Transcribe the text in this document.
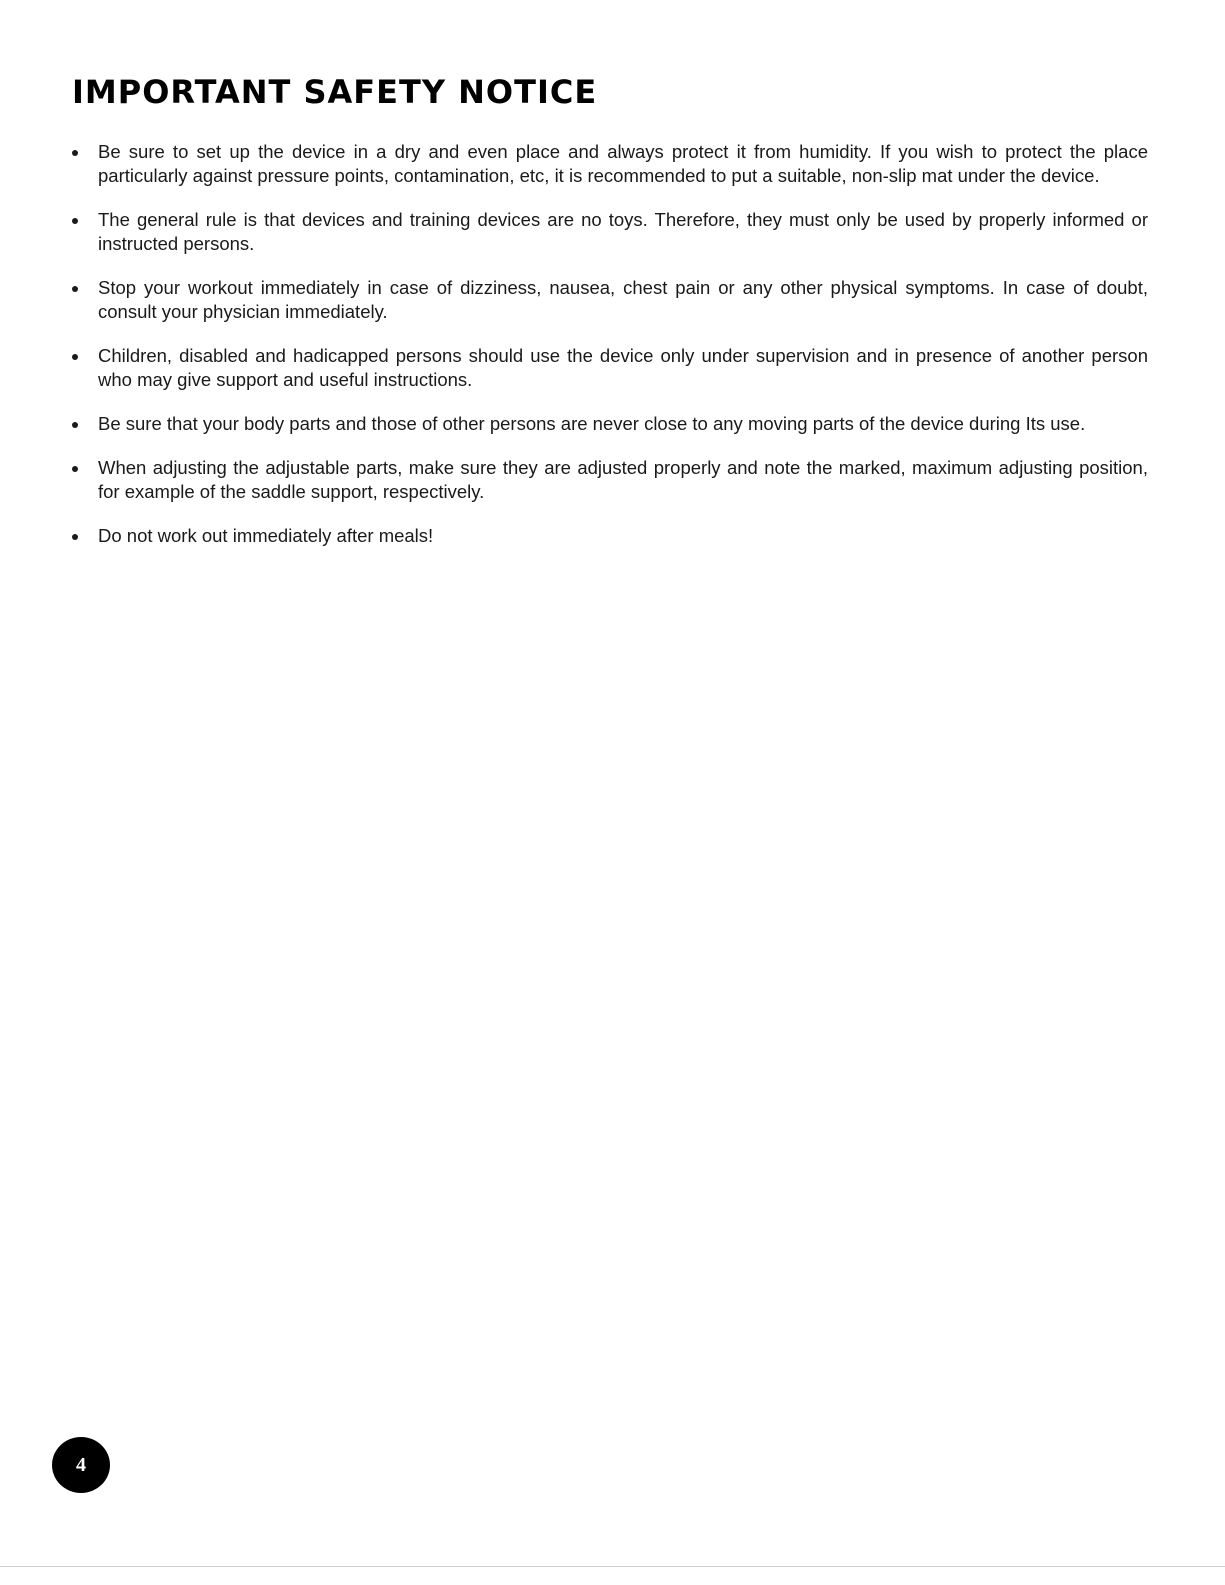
IMPORTANT SAFETY NOTICE
Be sure to set up the device in a dry and even place and always protect it from humidity. If you wish to protect the place particularly against pressure points, contamination, etc, it is recommended to put a suitable, non-slip mat under the device.
The general rule is that devices and training devices are no toys. Therefore, they must only be used by properly informed or instructed persons.
Stop your workout immediately in case of dizziness, nausea, chest pain or any other physical symptoms. In case of doubt, consult your physician immediately.
Children, disabled and hadicapped persons should use the device only under supervision and in presence of another person who may give support and useful instructions.
Be sure that your body parts and those of other persons are never close to any moving parts of the device during Its use.
When adjusting the adjustable parts, make sure they are adjusted properly and note the marked, maximum adjusting position, for example of the saddle support, respectively.
Do not work out immediately after meals!
4
